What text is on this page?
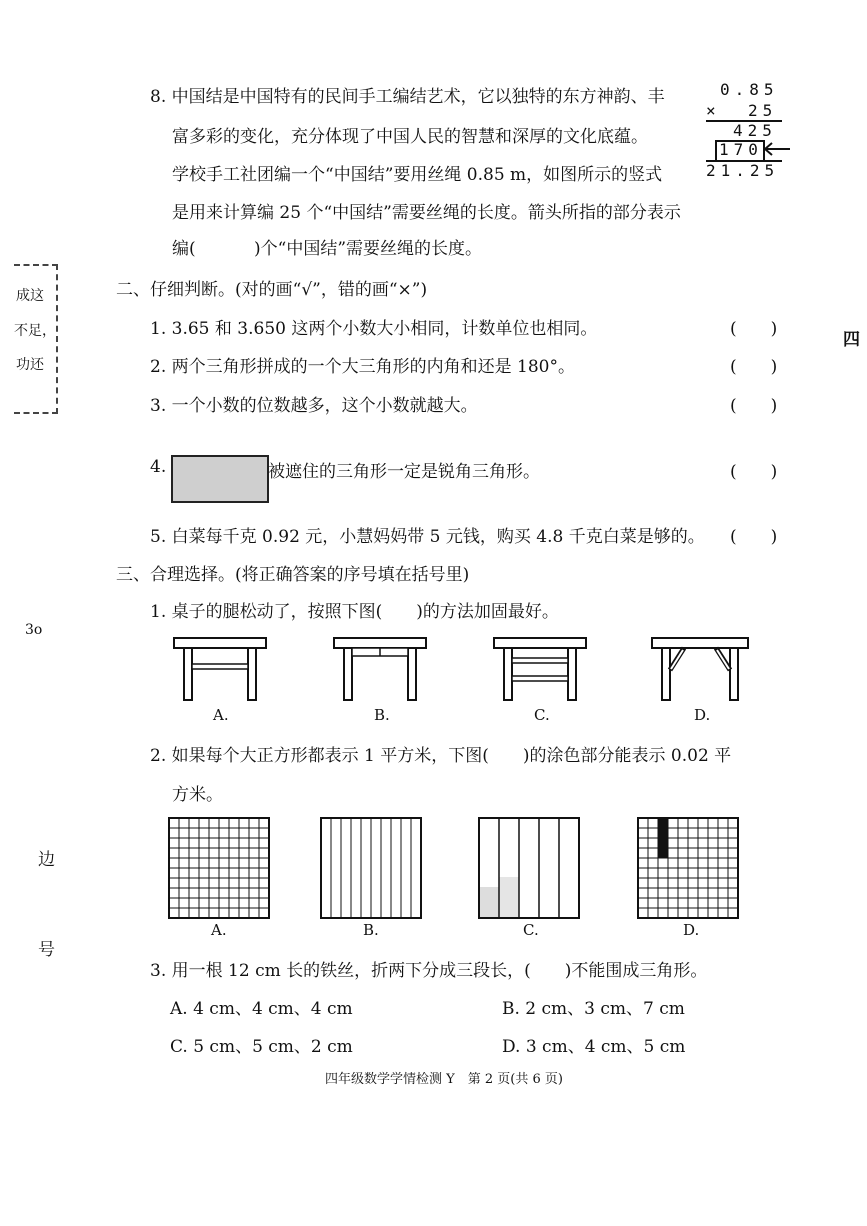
成这
不足，
功还
3o
边
号
四
8. 中国结是中国特有的民间手工编结艺术，它以独特的东方神韵、丰
富多彩的变化，充分体现了中国人民的智慧和深厚的文化底蕴。
学校手工社团编一个“中国结”要用丝绳 0.85 m，如图所示的竖式
是用来计算编 25 个“中国结”需要丝绳的长度。箭头所指的部分表示
编(	)个“中国结”需要丝绳的长度。
0.85
× 25
425
170
21.25
二、仔细判断。(对的画“√”，错的画“×”)
1. 3.65 和 3.650 这两个小数大小相同，计数单位也相同。	(　　)
2. 两个三角形拼成的一个大三角形的内角和还是 180°。	(　　)
3. 一个小数的位数越多，这个小数就越大。	(　　)
4.	被遮住的三角形一定是锐角三角形。	(　　)
5. 白菜每千克 0.92 元，小慧妈妈带 5 元钱，购买 4.8 千克白菜是够的。 (　　)
三、合理选择。(将正确答案的序号填在括号里)
1. 桌子的腿松动了，按照下图(　　)的方法加固最好。
A.	B.	C.	D.
2. 如果每个大正方形都表示 1 平方米，下图(　　)的涂色部分能表示 0.02 平
方米。
A.	B.	C.	D.
3. 用一根 12 cm 长的铁丝，折两下分成三段长，(　　)不能围成三角形。
A. 4 cm、4 cm、4 cm	B. 2 cm、3 cm、7 cm
C. 5 cm、5 cm、2 cm	D. 3 cm、4 cm、5 cm
四年级数学学情检测 Y　第 2 页(共 6 页)
